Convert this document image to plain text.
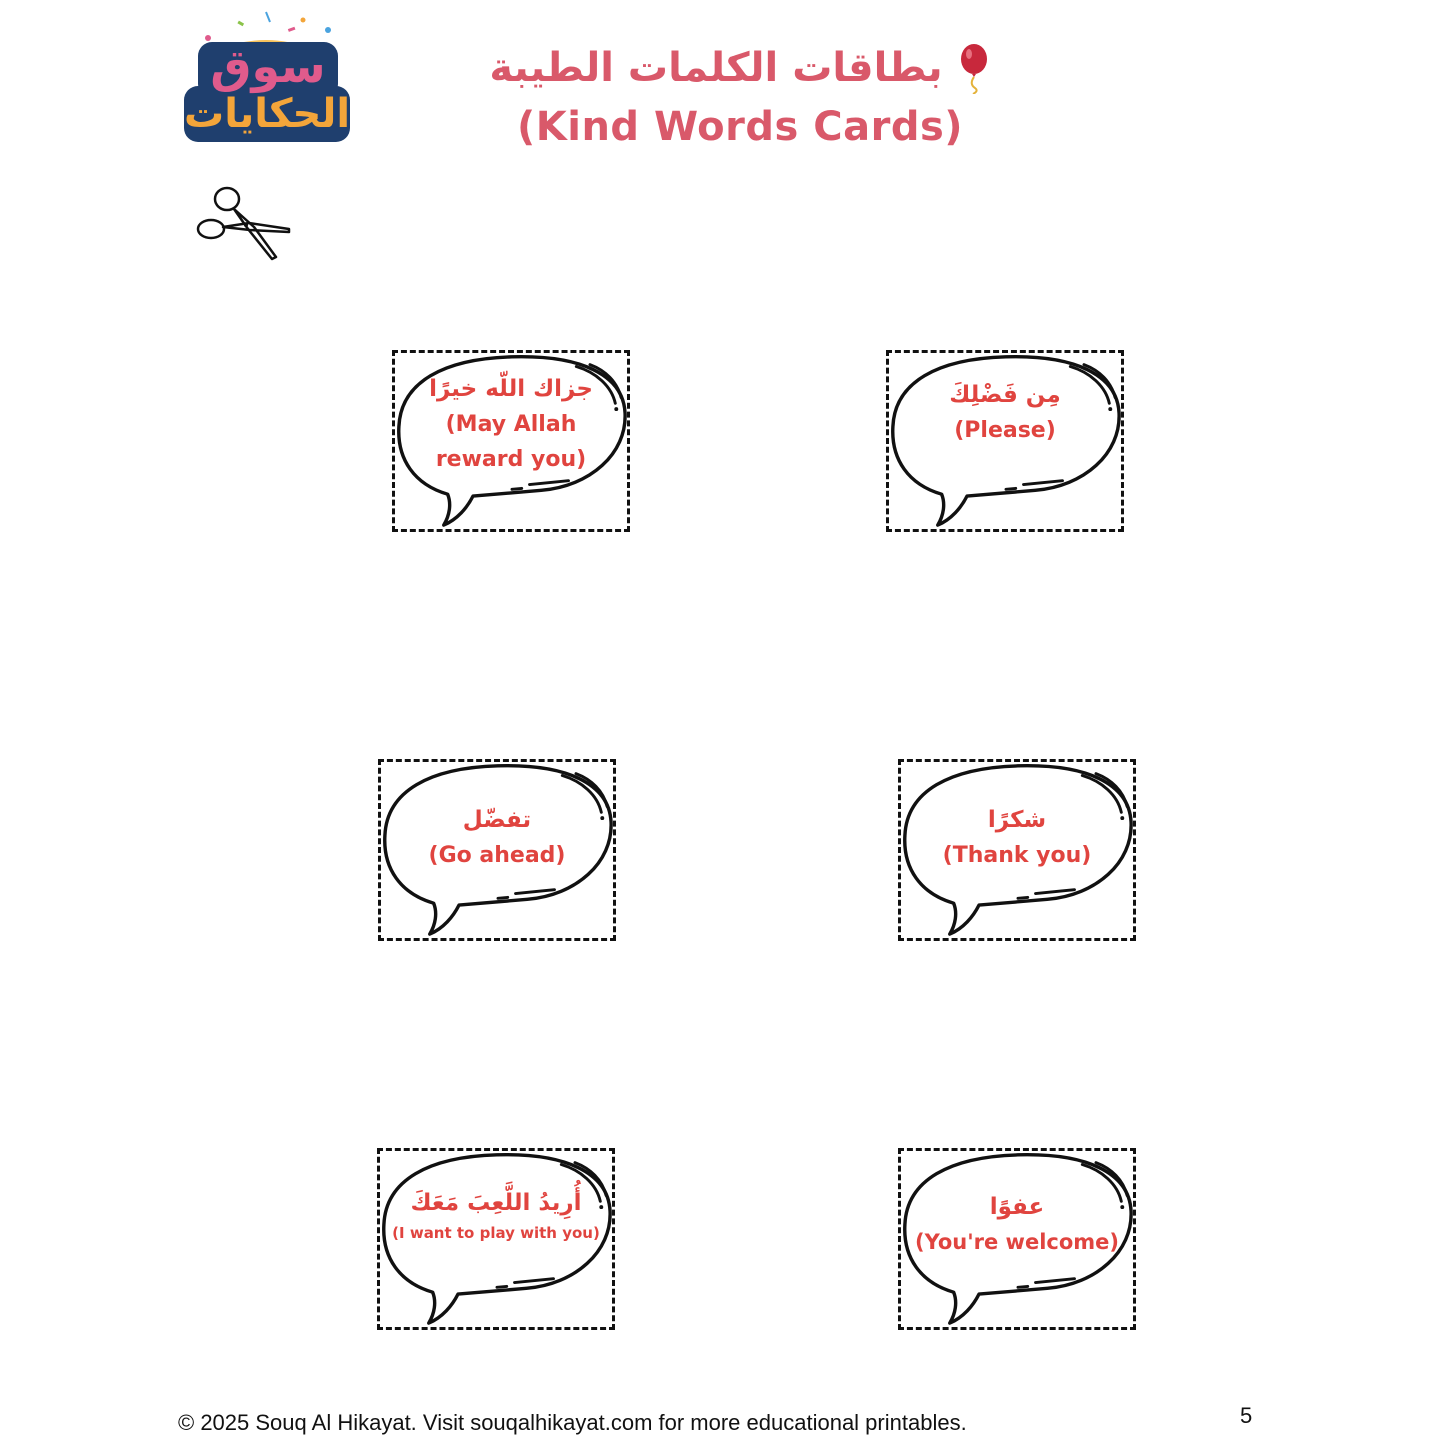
سوق
الحكايات
بطاقات الكلمات الطيبة
(Kind Words Cards)
جزاك اللّه خيرًا
(May Allah reward you)
مِن فَضْلِكَ
(Please)
تفضّل
(Go ahead)
شكرًا
(Thank you)
أُرِيدُ اللَّعِبَ مَعَكَ
(I want to play with you)
عفوًا
(You're welcome)
© 2025 Souq Al Hikayat. Visit souqalhikayat.com for more educational printables.	5
